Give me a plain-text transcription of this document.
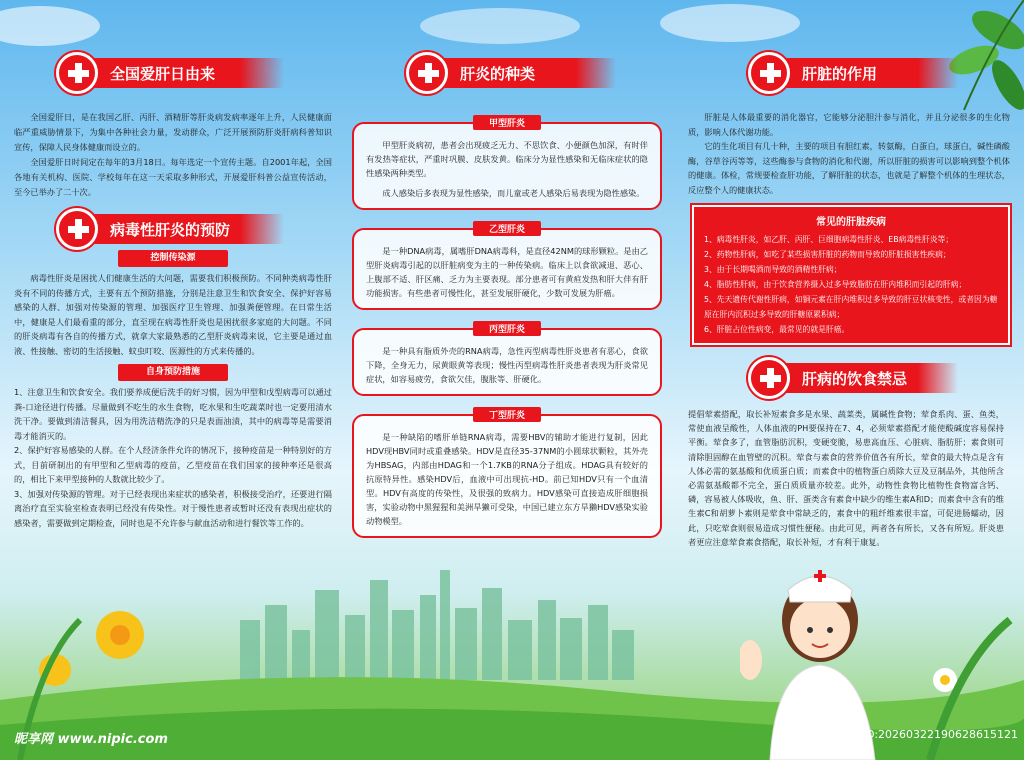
昵享网 www.nipic.com	ID:12106414 NO:20260322190628615121
全国爱肝日由来

全国爱肝日，是在我国乙肝、丙肝、酒精肝等肝炎病发病率逐年上升，人民健康面临严重威胁情景下，为集中各种社会力量，发动群众，广泛开展预防肝炎肝病科普知识宣传，保障人民身体健康而设立的。

全国爱肝日时间定在每年的3月18日。每年选定一个宣传主题。自2001年起，全国各地有关机构、医院、学校每年在这一天采取多种形式，开展爱肝科普公益宣传活动，至今已举办了二十次。

病毒性肝炎的预防
控制传染源

病毒性肝炎是困扰人们健康生活的大问题，需要我们积极预防。不同种类病毒性肝炎有不同的传播方式，主要有五个预防措施，分别是注意卫生和饮食安全、保护好容易感染的人群、加强对传染源的管理、加强医疗卫生管理、加强粪便管理。在日常生活中，健康是人们最看重的部分，直至现在病毒性肝炎也是困扰很多家庭的大问题。不同的肝炎病毒有各自的传播方式，就拿大家最熟悉的乙型肝炎病毒来说，它主要是通过血液、性接触、密切的生活接触、蚊虫叮咬、医源性的方式来传播的。

自身预防措施

1、注意卫生和饮食安全。我们要养成便后洗手的好习惯，因为甲型和戊型病毒可以通过粪-口途径进行传播。尽量做到不吃生的水生食物，吃水果和生吃蔬菜时也一定要用清水洗干净。要做到清洁餐具，因为用洗洁精洗净的只是表面油渍，其中的病毒等是需要消毒才能消灭的。

2、保护好容易感染的人群。在个人经济条件允许的情况下，接种疫苗是一种特别好的方式，目前研制出的有甲型和乙型病毒的疫苗，乙型疫苗在我们国家的接种率还是很高的，相比下来甲型接种的人数就比较少了。

3、加强对传染源的管理。对于已经表现出来症状的感染者，积极接受治疗，还要进行隔离治疗直至实验室检查表明已经没有传染性。对于慢性患者或暂时还没有表现出症状的感染者，需要做到定期检查，同时也是不允许参与献血活动和进行餐饮等工作的。

肝炎的种类
甲型肝炎

甲型肝炎病初，患者会出现疲乏无力、不思饮食、小便颜色加深，有时伴有发热等症状，严重时巩膜、皮肤发黄。临床分为显性感染和无临床症状的隐性感染两种类型。

成人感染后多表现为显性感染，而儿童或老人感染后易表现为隐性感染。

乙型肝炎

是一种DNA病毒，属嗜肝DNA病毒科，是直径42NM的球形颗粒。是由乙型肝炎病毒引起的以肝脏病变为主的一种传染病。临床上以食欲减退、恶心、上腹部不适、肝区痛、乏力为主要表现。部分患者可有黄疸发热和肝大伴有肝功能损害。有些患者可慢性化，甚至发展肝硬化，少数可发展为肝癌。

丙型肝炎

是一种具有脂质外壳的RNA病毒，急性丙型病毒性肝炎患者有恶心，食欲下降，全身无力，尿黄眼黄等表现；慢性丙型病毒性肝炎患者表现为肝炎常见症状，如容易疲劳，食欲欠佳，腹胀等、肝硬化。

丁型肝炎

是一种缺陷的嗜肝单链RNA病毒，需要HBV的辅助才能进行复制，因此HDV现HBV同时或重叠感染。HDV是直径35-37NM的小圆球状颗粒，其外壳为HBSAG，内部由HDAG和一个1.7KB的RNA分子组成。HDAG具有较好的抗原特异性。感染HDV后，血液中可出现抗-HD。前已知HDV只有一个血清型。HDV有高度的传染性，及很强的致病力。HDV感染可直接造成肝细胞损害，实验动物中黑猩猩和美洲旱獭可受染，中国已建立东方旱獭HDV感染实验动物模型。

肝脏的作用

肝脏是人体最重要的消化器官，它能够分泌胆汁参与消化，并且分泌很多的生化物质，影响人体代谢功能。

它的生化项目有几十种，主要的项目有胆红素，转氨酶，白蛋白，球蛋白，碱性磷酸酶，谷草谷丙等等，这些酶参与食物的消化和代谢，所以肝脏的损害可以影响到整个机体的健康。体检，常规要检查肝功能，了解肝脏的状态，也就是了解整个机体的生理状态，反应整个人的健康状态。

常见的肝脏疾病
1、病毒性肝炎，如乙肝、丙肝、巨细胞病毒性肝炎、EB病毒性肝炎等；
2、药物性肝病，如吃了某些损害肝脏的药物而导致的肝脏损害性疾病；
3、由于长期喝酒而导致的酒精性肝病；
4、脂肪性肝病，由于饮食营养摄入过多导致脂肪在肝内堆积而引起的肝病；
5、先天遗传代谢性肝病，如铜元素在肝内堆积过多导致的肝豆状核变性，或者因为糖原在肝内沉积过多导致的肝糖原累积病；
6、肝脏占位性病变，最常见的就是肝癌。
肝病的饮食禁忌

提倡荤素搭配，取长补短素食多是水果、蔬菜类，属碱性食物；荤食系肉、蛋、鱼类，常使血液呈酸性，人体血液的PH要保持在7、4，必须荤素搭配才能使酸碱度容易保持平衡。荤食多了，血管脂肪沉积，变硬变脆，易患高血压、心脏病、脂肪肝；素食则可清除胆固醇在血管壁的沉积。荤食与素食的营养价值各有所长，荤食的最大特点是含有人体必需的氨基酸和优质蛋白质；而素食中的植物蛋白质除大豆及豆制品外，其他所含必需氨基酸都不完全，蛋白质质量亦较差。此外，动物性食物比植物性食物富含钙、磷，容易被人体吸收，鱼、肝、蛋类含有素食中缺少的维生素A和D；而素食中含有的维生素C和胡萝卜素则是荤食中常缺乏的，素食中的粗纤维素很丰富，可促进肠蠕动，因此，只吃荤食则很易造成习惯性便秘。由此可见，两者各有所长，又各有所短。肝炎患者更应注意荤食素食搭配，取长补短，才有利于康复。
